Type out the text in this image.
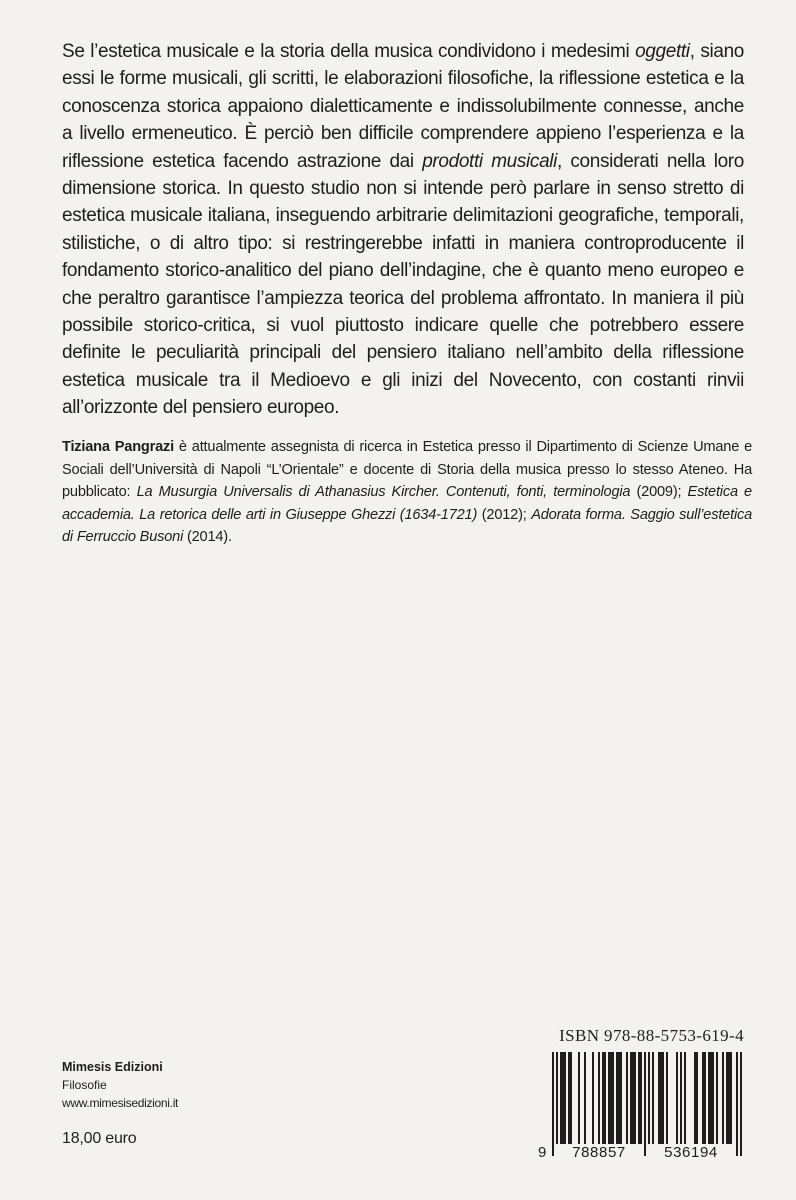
Se l’estetica musicale e la storia della musica condividono i medesimi oggetti, siano essi le forme musicali, gli scritti, le elaborazioni filosofiche, la riflessione estetica e la conoscenza storica appaiono dialetticamente e indissolubilmente connesse, anche a livello ermeneutico. È perciò ben difficile comprendere appieno l’esperienza e la riflessione estetica facendo astrazione dai prodotti musicali, considerati nella loro dimensione storica. In questo studio non si intende però parlare in senso stretto di estetica musicale italiana, inseguendo arbitrarie delimitazioni geografiche, temporali, stilistiche, o di altro tipo: si restringerebbe infatti in maniera controproducente il fondamento storico-analitico del piano dell’indagine, che è quanto meno europeo e che peraltro garantisce l’ampiezza teorica del problema affrontato. In maniera il più possibile storico-critica, si vuol piuttosto indicare quelle che potrebbero essere definite le peculiarità principali del pensiero italiano nell’ambito della riflessione estetica musicale tra il Medioevo e gli inizi del Novecento, con costanti rinvii all’orizzonte del pensiero europeo.

Tiziana Pangrazi è attualmente assegnista di ricerca in Estetica presso il Dipartimento di Scienze Umane e Sociali dell’Università di Napoli “L’Orientale” e docente di Storia della musica presso lo stesso Ateneo. Ha pubblicato: La Musurgia Universalis di Athanasius Kircher. Contenuti, fonti, terminologia (2009); Estetica e accademia. La retorica delle arti in Giuseppe Ghezzi (1634-1721) (2012); Adorata forma. Saggio sull’estetica di Ferruccio Busoni (2014).

Mimesis Edizioni
Filosofie
www.mimesisedizioni.it
18,00 euro
ISBN 978-88-5753-619-4
9	788857	536194
